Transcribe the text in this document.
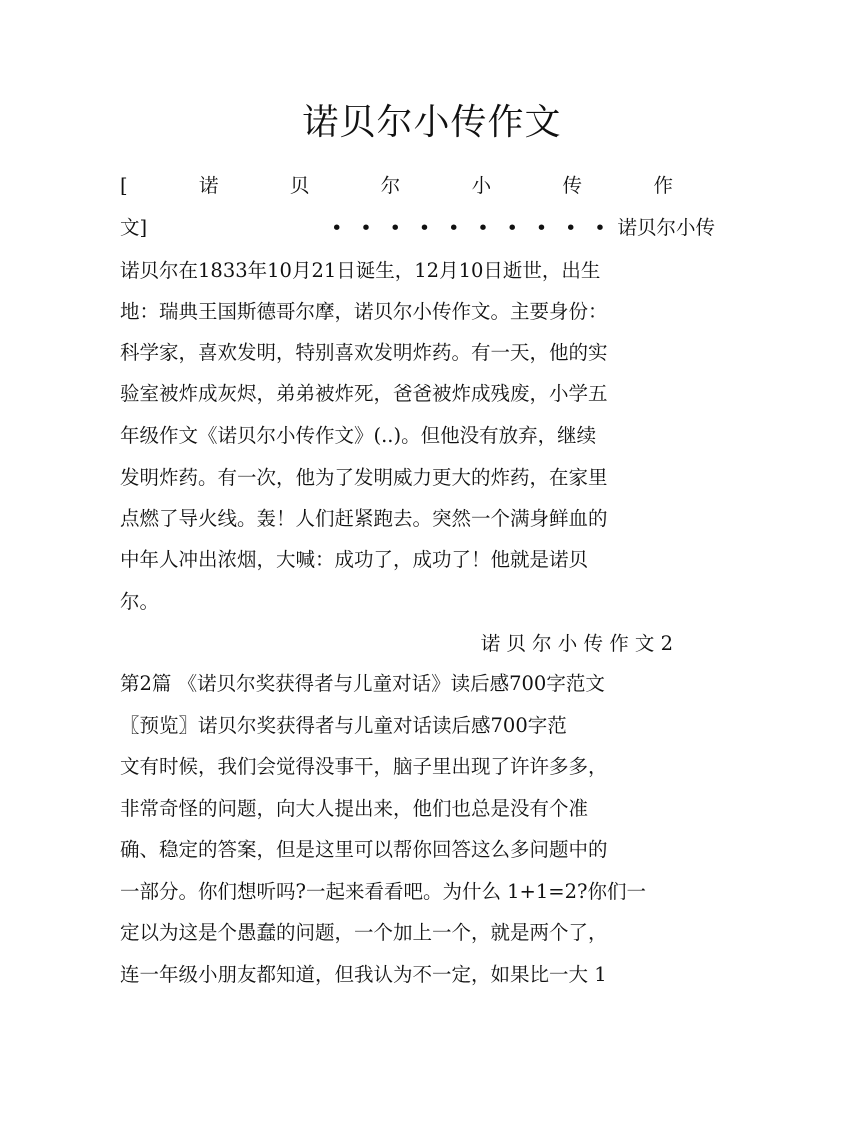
诺贝尔小传作文
[	诺	贝	尔	小	传	作
文]	• • • • • • • • • • 诺贝尔小传
诺贝尔在1833年10月21日诞生，12月10日逝世，出生
地：瑞典王国斯德哥尔摩，诺贝尔小传作文。主要身份：
科学家，喜欢发明，特别喜欢发明炸药。有一天，他的实
验室被炸成灰烬，弟弟被炸死，爸爸被炸成残废，小学五
年级作文《诺贝尔小传作文》(..)。但他没有放弃，继续
发明炸药。有一次，他为了发明威力更大的炸药，在家里
点燃了导火线。轰！人们赶紧跑去。突然一个满身鲜血的
中年人冲出浓烟，大喊：成功了，成功了！他就是诺贝
尔。
诺 贝 尔 小 传 作 文 2
第2篇 《诺贝尔奖获得者与儿童对话》读后感700字范文
〖预览〗诺贝尔奖获得者与儿童对话读后感700字范
文有时候，我们会觉得没事干，脑子里出现了许许多多，
非常奇怪的问题，向大人提出来，他们也总是没有个准
确、稳定的答案，但是这里可以帮你回答这么多问题中的
一部分。你们想听吗?一起来看看吧。为什么 1+1=2?你们一
定以为这是个愚蠢的问题，一个加上一个，就是两个了，
连一年级小朋友都知道，但我认为不一定，如果比一大 1
